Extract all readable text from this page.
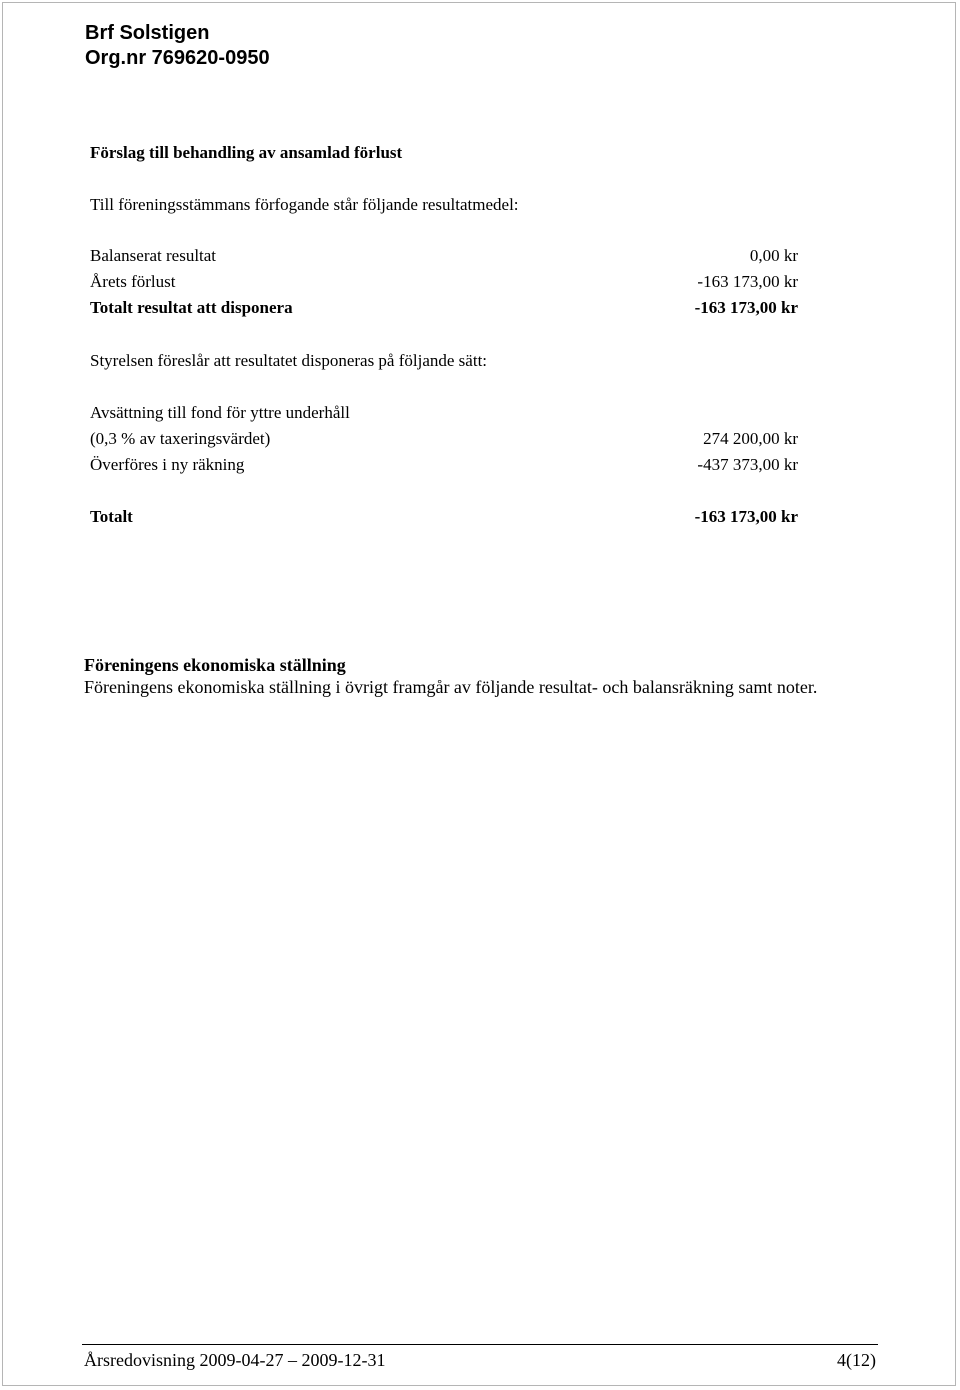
Brf Solstigen
Org.nr 769620-0950
Förslag till behandling av ansamlad förlust
Till föreningsstämmans förfogande står följande resultatmedel:
Balanserat resultat	0,00 kr
Årets förlust	-163 173,00 kr
Totalt resultat att disponera	-163 173,00 kr
Styrelsen föreslår att resultatet disponeras på följande sätt:
Avsättning till fond för yttre underhåll
(0,3 % av taxeringsvärdet)	274 200,00 kr
Överföres i ny räkning	-437 373,00 kr
Totalt	-163 173,00 kr
Föreningens ekonomiska ställning
Föreningens ekonomiska ställning i övrigt framgår av följande resultat- och balansräkning samt noter.
Årsredovisning 2009-04-27 – 2009-12-31	4(12)
